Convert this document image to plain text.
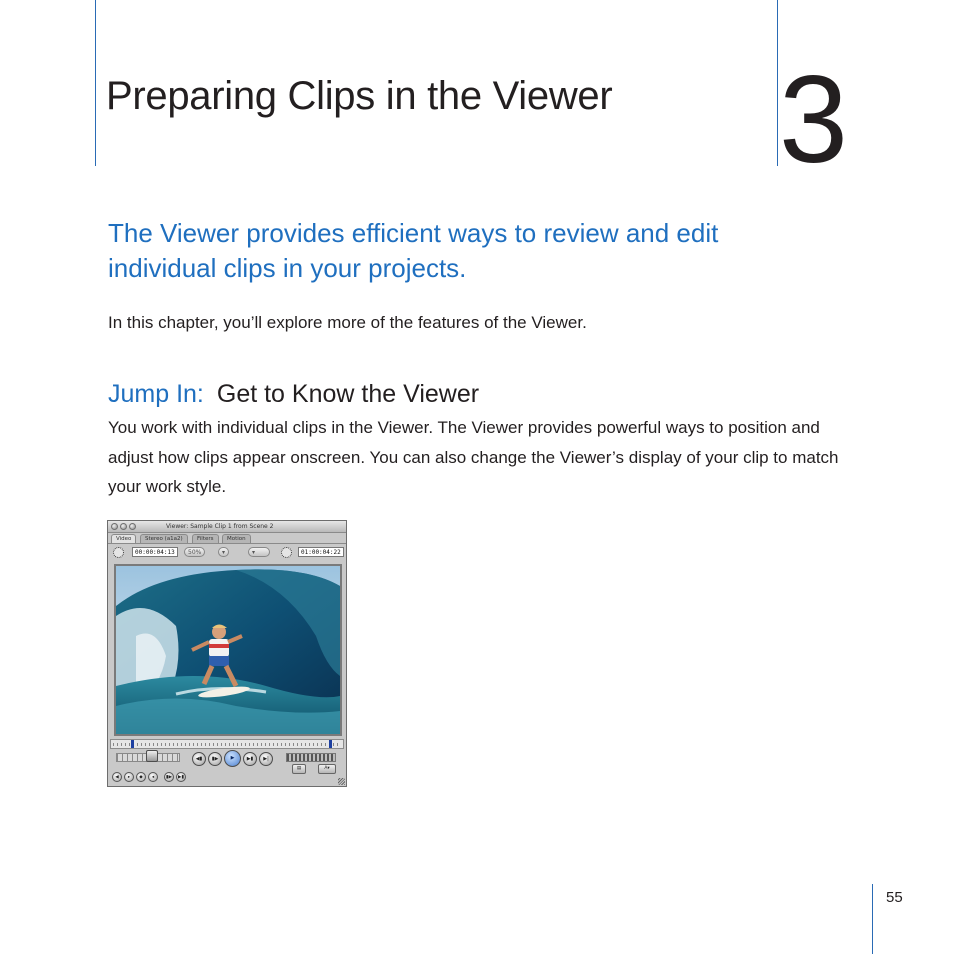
Preparing Clips in the Viewer 3
The Viewer provides efficient ways to review and edit individual clips in your projects.

In this chapter, you’ll explore more of the features of the Viewer.

Jump In: Get to Know the Viewer

You work with individual clips in the Viewer. The Viewer provides powerful ways to position and adjust how clips appear onscreen. You can also change the Viewer’s display of your clip to match your work style.

Viewer: Sample Clip 1 from Scene 2
Video	Stereo (a1a2)	Filters	Motion
00:00:04:13	50%	▾	▾	01:00:04:22
◀▮	▮▶	▶	▶▮	▶|
◀	▸	◆	◂	▮▶	▶▮
▤	A▾
55
